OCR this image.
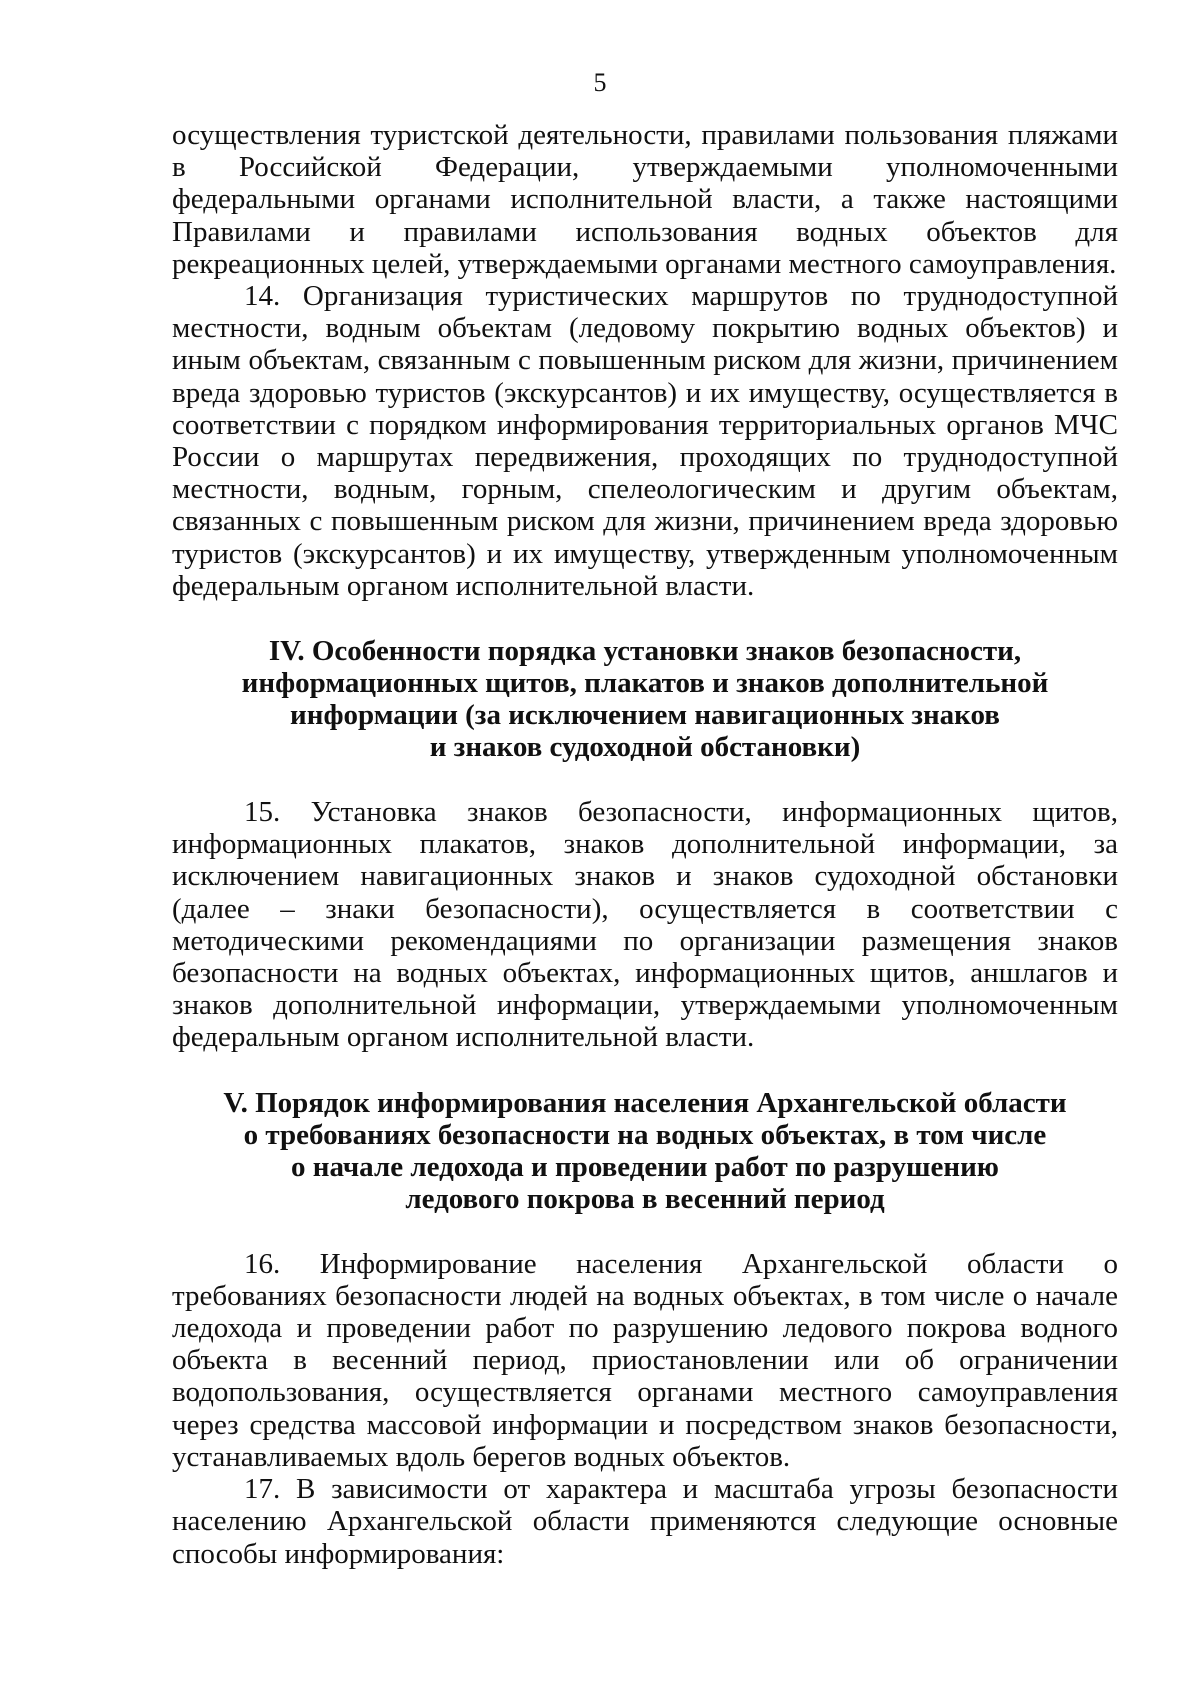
5

осуществления туристской деятельности, правилами пользования пляжами в Российской Федерации, утверждаемыми уполномоченными федеральными органами исполнительной власти, а также настоящими Правилами и правилами использования водных объектов для рекреационных целей, утверждаемыми органами местного самоуправления.

14. Организация туристических маршрутов по труднодоступной местности, водным объектам (ледовому покрытию водных объектов) и иным объектам, связанным с повышенным риском для жизни, причинением вреда здоровью туристов (экскурсантов) и их имуществу, осуществляется в соответствии с порядком информирования территориальных органов МЧС России о маршрутах передвижения, проходящих по труднодоступной местности, водным, горным, спелеологическим и другим объектам, связанных с повышенным риском для жизни, причинением вреда здоровью туристов (экскурсантов) и их имуществу, утвержденным уполномоченным федеральным органом исполнительной власти.

IV. Особенности порядка установки знаков безопасности,
информационных щитов, плакатов и знаков дополнительной
информации (за исключением навигационных знаков
и знаков судоходной обстановки)

15. Установка знаков безопасности, информационных щитов, информационных плакатов, знаков дополнительной информации, за исключением навигационных знаков и знаков судоходной обстановки (далее – знаки безопасности), осуществляется в соответствии с методическими рекомендациями по организации размещения знаков безопасности на водных объектах, информационных щитов, аншлагов и знаков дополнительной информации, утверждаемыми уполномоченным федеральным органом исполнительной власти.

V. Порядок информирования населения Архангельской области
о требованиях безопасности на водных объектах, в том числе
о начале ледохода и проведении работ по разрушению
ледового покрова в весенний период

16. Информирование населения Архангельской области о требованиях безопасности людей на водных объектах, в том числе о начале ледохода и проведении работ по разрушению ледового покрова водного объекта в весенний период, приостановлении или об ограничении водопользования, осуществляется органами местного самоуправления через средства массовой информации и посредством знаков безопасности, устанавливаемых вдоль берегов водных объектов.

17. В зависимости от характера и масштаба угрозы безопасности населению Архангельской области применяются следующие основные способы информирования:
